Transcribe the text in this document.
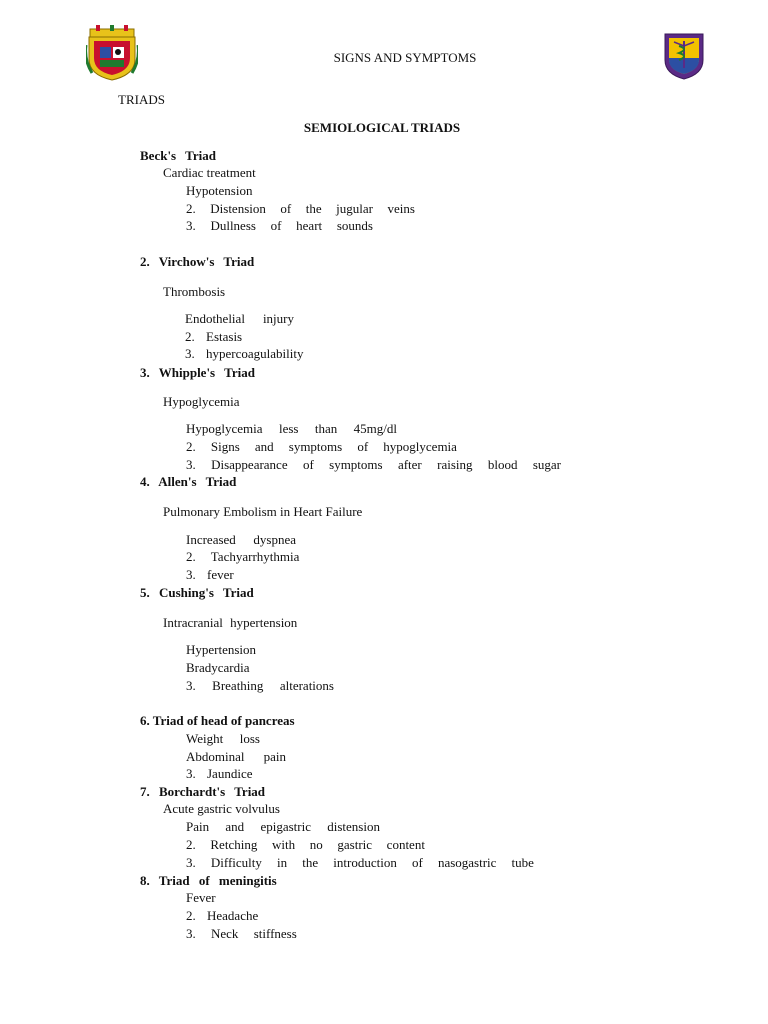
SIGNS AND SYMPTOMS
TRIADS
SEMIOLOGICAL TRIADS
Beck's Triad
Cardiac treatment
Hypotension
2. Distension of the jugular veins
3. Dullness of heart sounds
2. Virchow's Triad
Thrombosis
Endothelial injury
2. Estasis
3. hypercoagulability
3. Whipple's Triad
Hypoglycemia
Hypoglycemia less than 45mg/dl
2. Signs and symptoms of hypoglycemia
3. Disappearance of symptoms after raising blood sugar
4. Allen's Triad
Pulmonary Embolism in Heart Failure
Increased dyspnea
2. Tachyarrhythmia
3. fever
5. Cushing's Triad
Intracranial hypertension
Hypertension
Bradycardia
3. Breathing alterations
6. Triad of head of pancreas
Weight loss
Abdominal pain
3. Jaundice
7. Borchardt's Triad
Acute gastric volvulus
Pain and epigastric distension
2. Retching with no gastric content
3. Difficulty in the introduction of nasogastric tube
8. Triad of meningitis
Fever
2. Headache
3. Neck stiffness
